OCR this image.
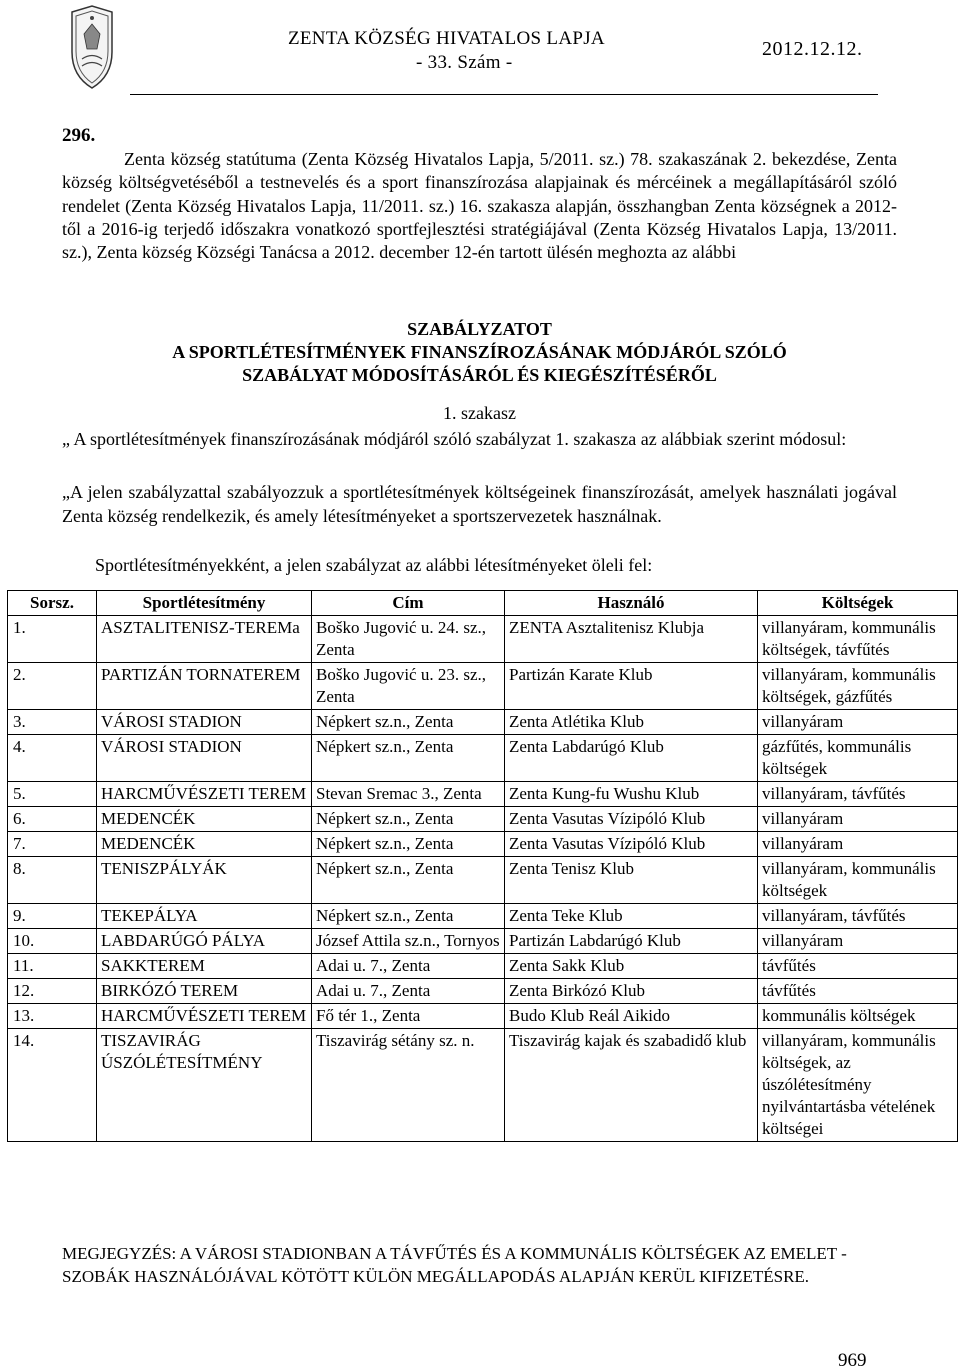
ZENTA KÖZSÉG HIVATALOS LAPJA
- 33. Szám -
2012.12.12.
296.
Zenta község statútuma (Zenta Község Hivatalos Lapja, 5/2011. sz.) 78. szakaszának 2. bekezdése, Zenta község költségvetéséből a testnevelés és a sport finanszírozása alapjainak és mércéinek a megállapításáról szóló rendelet (Zenta Község Hivatalos Lapja, 11/2011. sz.) 16. szakasza alapján, összhangban Zenta községnek a 2012-től a 2016-ig terjedő időszakra vonatkozó sportfejlesztési stratégiájával (Zenta Község Hivatalos Lapja, 13/2011. sz.), Zenta község Községi Tanácsa a 2012. december 12-én tartott ülésén meghozta az alábbi
SZABÁLYZATOT
A SPORTLÉTESÍTMÉNYEK FINANSZÍROZÁSÁNAK MÓDJÁRÓL SZÓLÓ
SZABÁLYAT MÓDOSÍTÁSÁRÓL ÉS KIEGÉSZÍTÉSÉRŐL
1. szakasz
„ A sportlétesítmények finanszírozásának módjáról szóló szabályzat 1. szakasza az alábbiak szerint módosul:
„A jelen szabályzattal szabályozzuk a sportlétesítmények költségeinek finanszírozását, amelyek használati jogával Zenta község rendelkezik, és amely létesítményeket a sportszervezetek használnak.
Sportlétesítményekként, a jelen szabályzat az alábbi létesítményeket öleli fel:
Sorsz.	Sportlétesítmény	Cím	Használó	Költségek
1.	ASZTALITENISZ-TEREMa	Boško Jugović u. 24. sz., Zenta	ZENTA Asztalitenisz Klubja	villanyáram, kommunális költségek, távfűtés
2.	PARTIZÁN TORNATEREM	Boško Jugović u. 23. sz., Zenta	Partizán Karate Klub	villanyáram, kommunális költségek, gázfűtés
3.	VÁROSI STADION	Népkert sz.n., Zenta	Zenta Atlétika Klub	villanyáram
4.	VÁROSI STADION	Népkert sz.n., Zenta	Zenta Labdarúgó Klub	gázfűtés, kommunális költségek
5.	HARCMŰVÉSZETI TEREM	Stevan Sremac 3., Zenta	Zenta Kung-fu Wushu Klub	villanyáram, távfűtés
6.	MEDENCÉK	Népkert sz.n., Zenta	Zenta Vasutas Vízipóló Klub	villanyáram
7.	MEDENCÉK	Népkert sz.n., Zenta	Zenta Vasutas Vízipóló Klub	villanyáram
8.	TENISZPÁLYÁK	Népkert sz.n., Zenta	Zenta Tenisz Klub	villanyáram, kommunális költségek
9.	TEKEPÁLYA	Népkert sz.n., Zenta	Zenta Teke Klub	villanyáram, távfűtés
10.	LABDARÚGÓ PÁLYA	József Attila sz.n., Tornyos	Partizán Labdarúgó Klub	villanyáram
11.	SAKKTEREM	Adai u. 7., Zenta	Zenta Sakk Klub	távfűtés
12.	BIRKÓZÓ TEREM	Adai u. 7., Zenta	Zenta Birkózó Klub	távfűtés
13.	HARCMŰVÉSZETI TEREM	Fő tér 1., Zenta	Budo Klub Reál Aikido	kommunális költségek
14.	TISZAVIRÁG ÚSZÓLÉTESÍTMÉNY	Tiszavirág sétány sz. n.	Tiszavirág kajak és szabadidő klub	villanyáram, kommunális költségek, az úszólétesítmény nyilvántartásba vételének költségei
MEGJEGYZÉS: A VÁROSI STADIONBAN A TÁVFŰTÉS ÉS A KOMMUNÁLIS KÖLTSÉGEK AZ EMELET - SZOBÁK HASZNÁLÓJÁVAL KÖTÖTT KÜLÖN MEGÁLLAPODÁS ALAPJÁN KERÜL KIFIZETÉSRE.
969
